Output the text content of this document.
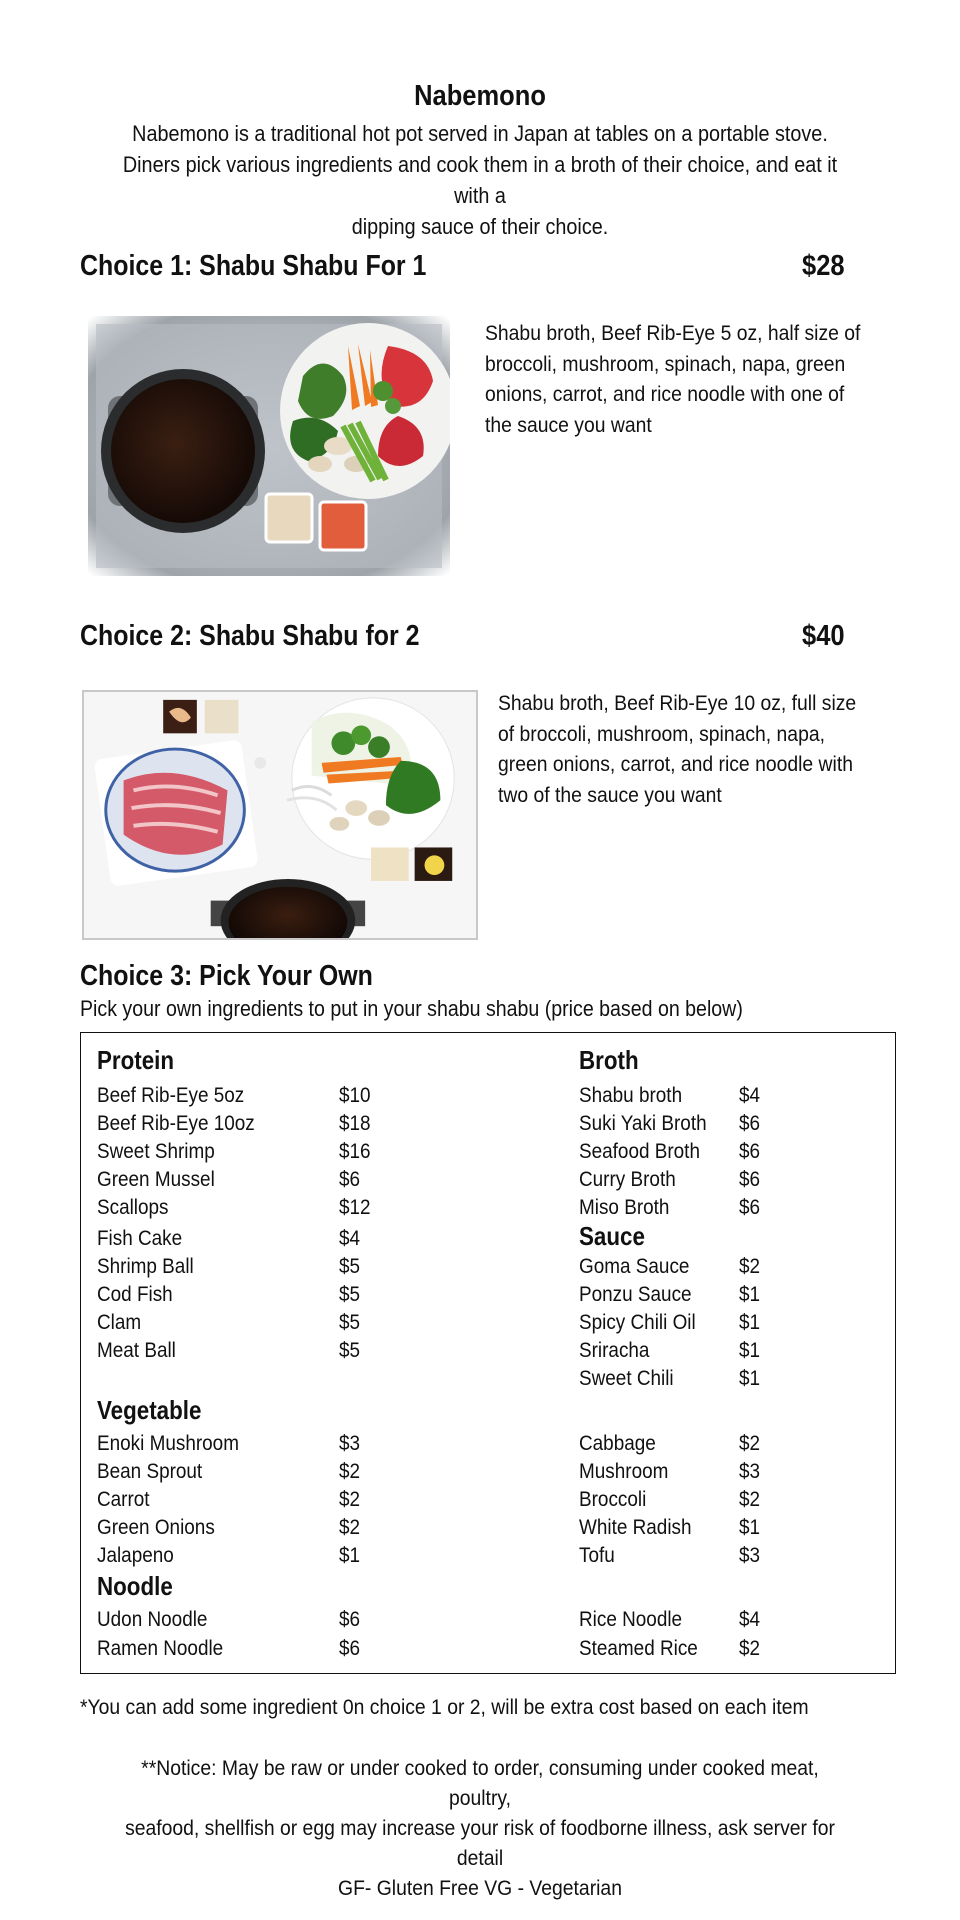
Nabemono
Nabemono is a traditional hot pot served in Japan at tables on a portable stove.
Diners pick various ingredients and cook them in a broth of their choice, and eat it with a
dipping sauce of their choice.
Choice 1: Shabu Shabu For 1	$28
Shabu broth, Beef Rib-Eye 5 oz, half size of
broccoli, mushroom, spinach, napa, green
onions, carrot, and rice noodle with one of
the sauce you want
Choice 2: Shabu Shabu for 2	$40
Shabu broth, Beef Rib-Eye 10 oz, full size
of broccoli, mushroom, spinach, napa,
green onions, carrot, and rice noodle with
two of the sauce you want
Choice 3: Pick Your Own
Pick your own ingredients to put in your shabu shabu (price based on below)
Protein
Beef Rib-Eye 5oz	$10
Beef Rib-Eye 10oz	$18
Sweet Shrimp	$16
Green Mussel	$6
Scallops	$12
Fish Cake	$4
Shrimp Ball	$5
Cod Fish	$5
Clam	$5
Meat Ball	$5
Vegetable
Enoki Mushroom	$3
Bean Sprout	$2
Carrot	$2
Green Onions	$2
Jalapeno	$1
Noodle
Udon Noodle	$6
Ramen Noodle	$6
Broth
Shabu broth	$4
Suki Yaki Broth $6
Seafood Broth $6
Curry Broth	$6
Miso Broth	$6
Sauce
Goma Sauce $2
Ponzu Sauce $1
Spicy Chili Oil $1
Sriracha	$1
Sweet Chili	$1
Cabbage	$2
Mushroom	$3
Broccoli	$2
White Radish $1
Tofu	$3
Rice Noodle	$4
Steamed Rice $2
*You can add some ingredient 0n choice 1 or 2, will be extra cost based on each item
**Notice: May be raw or under cooked to order, consuming under cooked meat, poultry,
seafood, shellfish or egg may increase your risk of foodborne illness, ask server for detail
GF- Gluten Free VG - Vegetarian
